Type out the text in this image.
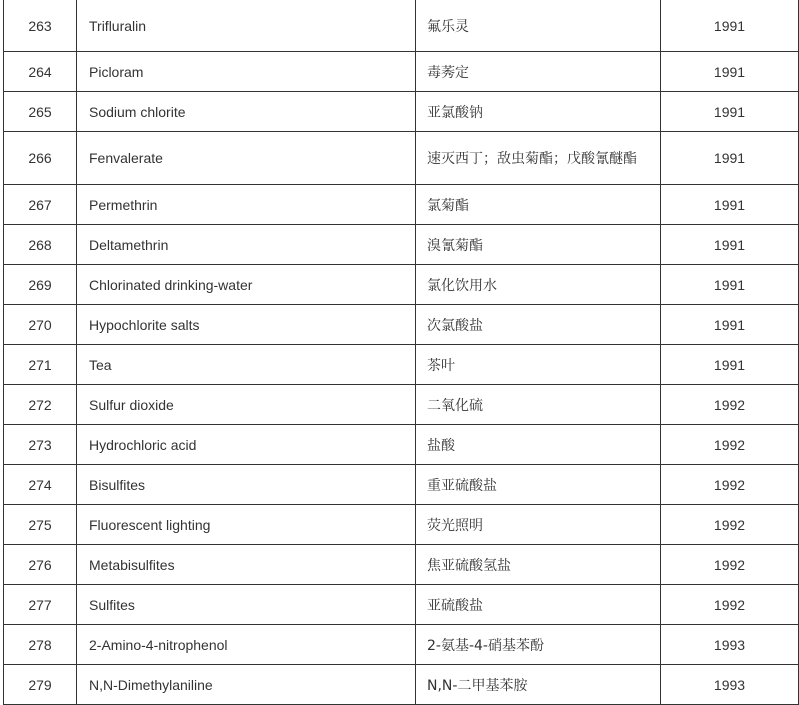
263	Trifluralin	氟乐灵	1991
264	Picloram	毒莠定	1991
265	Sodium chlorite	亚氯酸钠	1991
266	Fenvalerate	速灭西丁；敌虫菊酯；戊酸氰醚酯	1991
267	Permethrin	氯菊酯	1991
268	Deltamethrin	溴氰菊酯	1991
269	Chlorinated drinking-water	氯化饮用水	1991
270	Hypochlorite salts	次氯酸盐	1991
271	Tea	茶叶	1991
272	Sulfur dioxide	二氧化硫	1992
273	Hydrochloric acid	盐酸	1992
274	Bisulfites	重亚硫酸盐	1992
275	Fluorescent lighting	荧光照明	1992
276	Metabisulfites	焦亚硫酸氢盐	1992
277	Sulfites	亚硫酸盐	1992
278	2-Amino-4-nitrophenol	2-氨基-4-硝基苯酚	1993
279	N,N-Dimethylaniline	N,N-二甲基苯胺	1993
